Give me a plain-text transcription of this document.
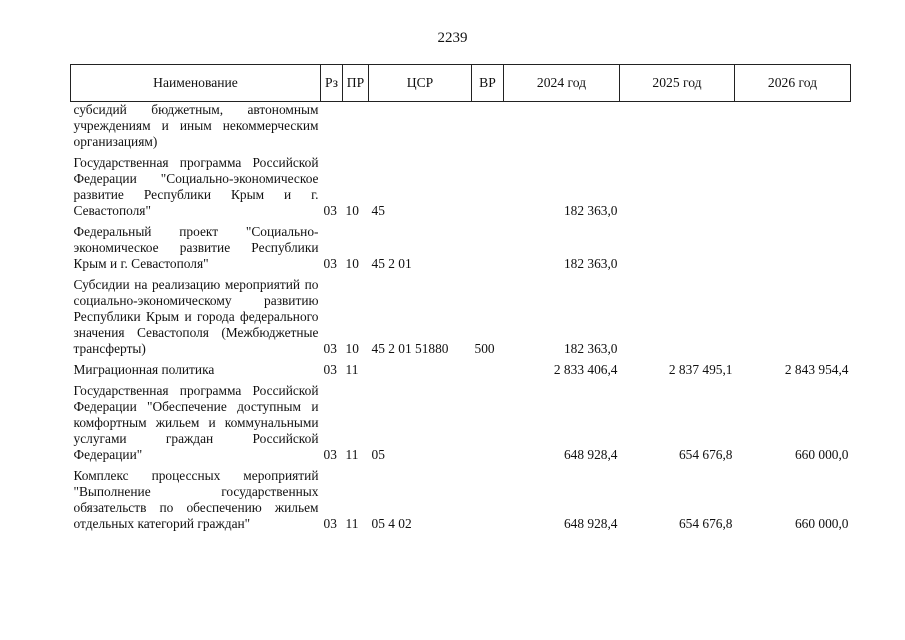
2239
Наименование	Рз	ПР	ЦСР	ВР	2024 год	2025 год	2026 год
субсидий бюджетным, автономным учреждениям и иным некоммерческим организациям)							
Государственная программа Российской Федерации "Социально-экономическое развитие Республики Крым и г. Севастополя"	03	10	45		182 363,0		
Федеральный проект "Социально-экономическое развитие Республики Крым и г. Севастополя"	03	10	45 2 01		182 363,0		
Субсидии на реализацию мероприятий по социально-экономическому развитию Республики Крым и города федерального значения Севастополя (Межбюджетные трансферты)	03	10	45 2 01 51880	500	182 363,0		
Миграционная политика	03	11			2 833 406,4	2 837 495,1	2 843 954,4
Государственная программа Российской Федерации "Обеспечение доступным и комфортным жильем и коммунальными услугами граждан Российской Федерации"	03	11	05		648 928,4	654 676,8	660 000,0
Комплекс процессных мероприятий "Выполнение государственных обязательств по обеспечению жильем отдельных категорий граждан"	03	11	05 4 02		648 928,4	654 676,8	660 000,0
